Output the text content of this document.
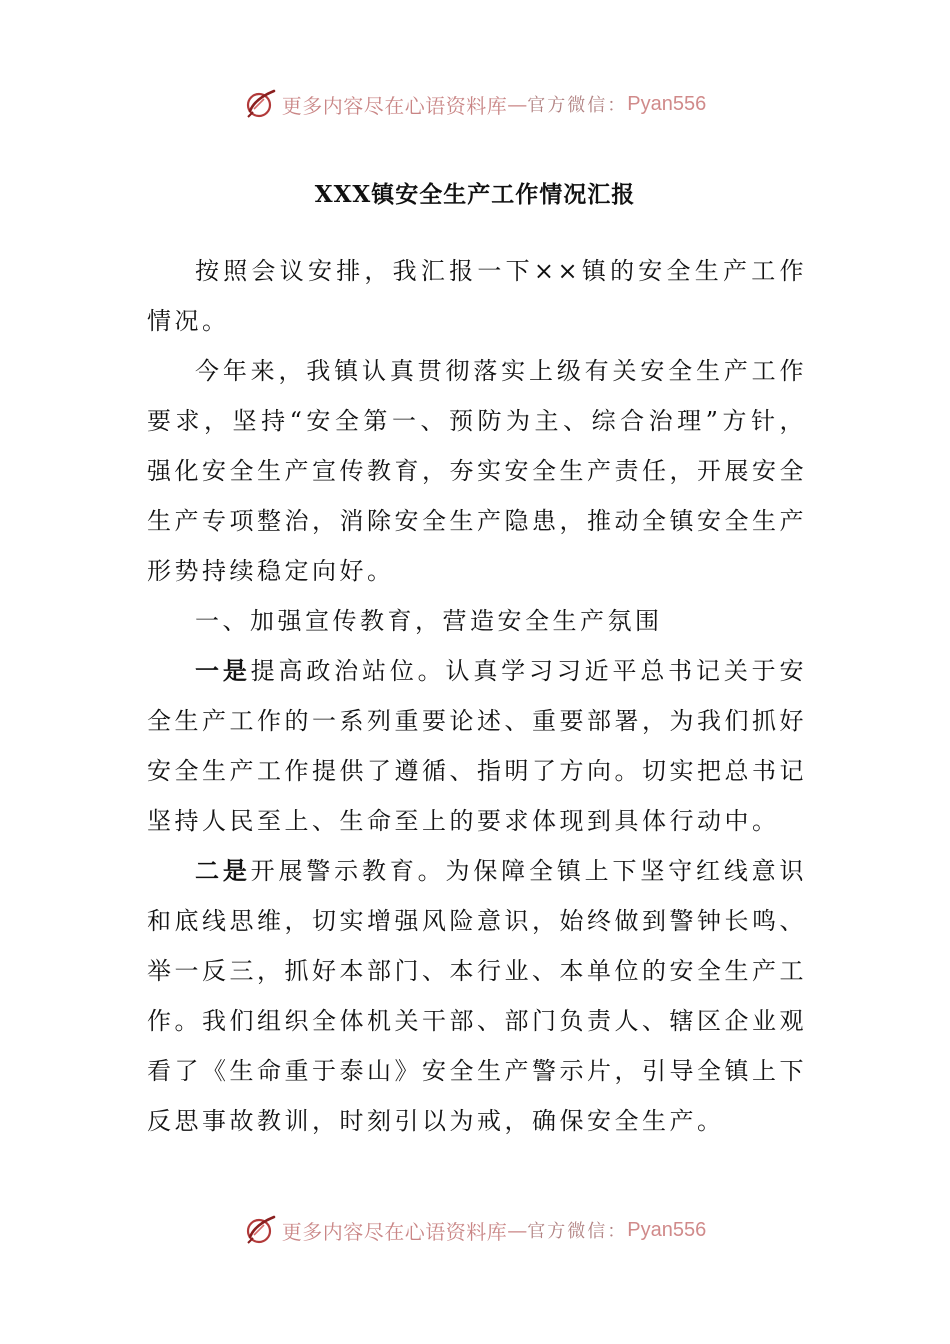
更多内容尽在心语资料库 — 官方微信： Pyan556
XXX镇安全生产工作情况汇报

按照会议安排，我汇报一下××镇的安全生产工作情况。

今年来，我镇认真贯彻落实上级有关安全生产工作要求，坚持“安全第一、预防为主、综合治理”方针，强化安全生产宣传教育，夯实安全生产责任，开展安全生产专项整治，消除安全生产隐患，推动全镇安全生产形势持续稳定向好。

一、加强宣传教育，营造安全生产氛围

一是提高政治站位。认真学习习近平总书记关于安全生产工作的一系列重要论述、重要部署，为我们抓好安全生产工作提供了遵循、指明了方向。切实把总书记坚持人民至上、生命至上的要求体现到具体行动中。

二是开展警示教育。为保障全镇上下坚守红线意识和底线思维，切实增强风险意识，始终做到警钟长鸣、举一反三，抓好本部门、本行业、本单位的安全生产工作。我们组织全体机关干部、部门负责人、辖区企业观看了《生命重于泰山》安全生产警示片，引导全镇上下反思事故教训，时刻引以为戒，确保安全生产。

更多内容尽在心语资料库 — 官方微信： Pyan556
